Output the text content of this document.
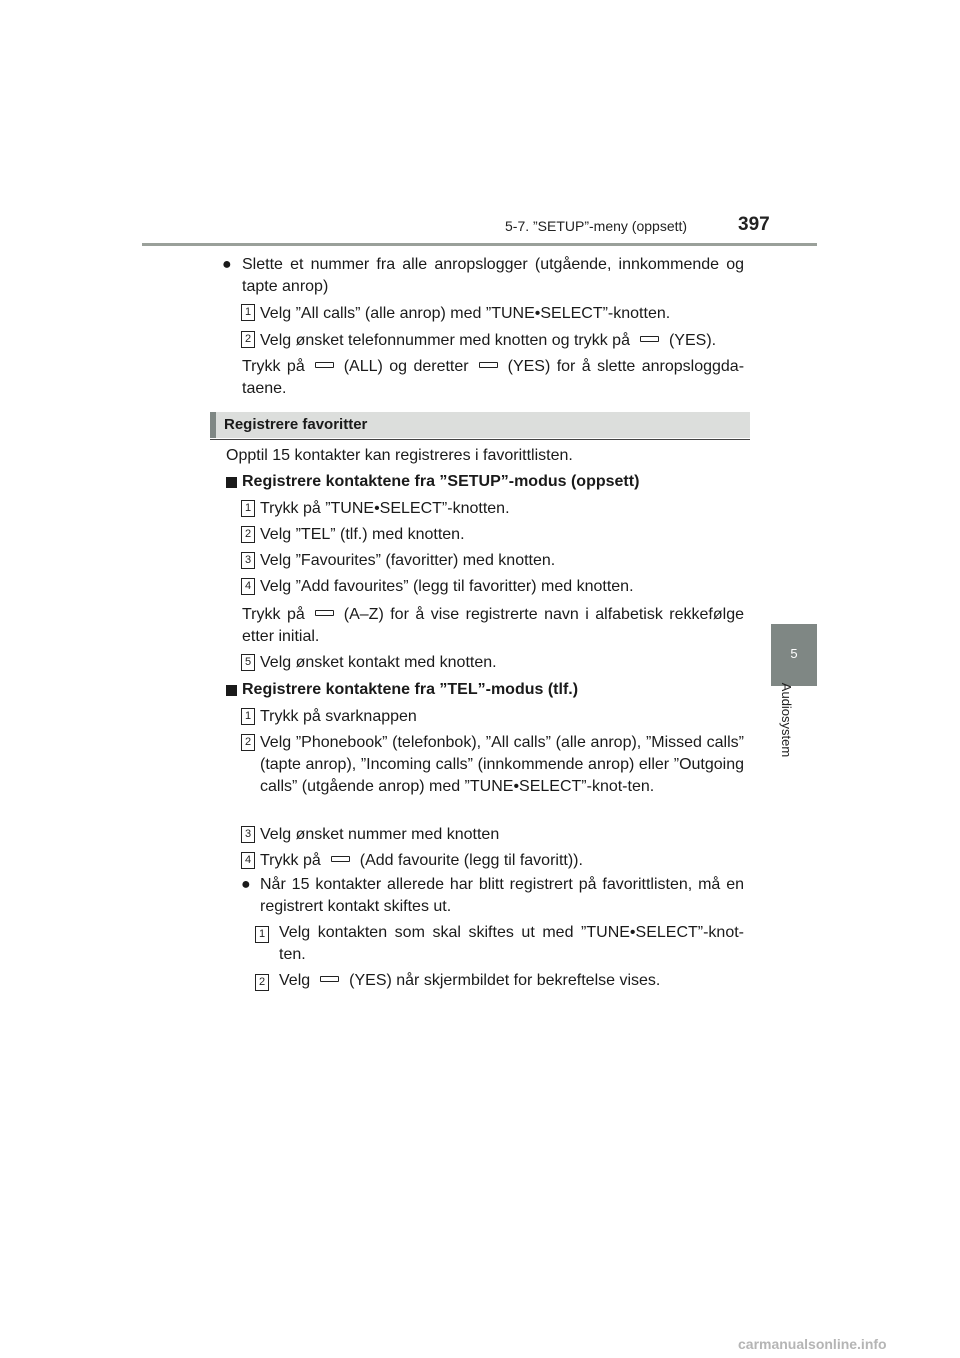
5-7. ”SETUP”-meny (oppsett)	397
5
Audiosystem
● Slette et nummer fra alle anropslogger (utgående, innkommende og tapte anrop)

1 Velg ”All calls” (alle anrop) med ”TUNE•SELECT”-knotten.

2 Velg ønsket telefonnummer med knotten og trykk på (YES).

Trykk på (ALL) og deretter (YES) for å slette anropsloggda-taene.

Registrere favoritter

Opptil 15 kontakter kan registreres i favorittlisten.

Registrere kontaktene fra ”SETUP”-modus (oppsett)

1 Trykk på ”TUNE•SELECT”-knotten.

2 Velg ”TEL” (tlf.) med knotten.

3 Velg ”Favourites” (favoritter) med knotten.

4 Velg ”Add favourites” (legg til favoritter) med knotten.

Trykk på (A–Z) for å vise registrerte navn i alfabetisk rekkefølge etter initial.

5 Velg ønsket kontakt med knotten.

Registrere kontaktene fra ”TEL”-modus (tlf.)

1 Trykk på svarknappen

2 Velg ”Phonebook” (telefonbok), ”All calls” (alle anrop), ”Missed calls” (tapte anrop), ”Incoming calls” (innkommende anrop) eller ”Outgoing calls” (utgående anrop) med ”TUNE•SELECT”-knot-ten.

3 Velg ønsket nummer med knotten

4 Trykk på (Add favourite (legg til favoritt)).

● Når 15 kontakter allerede har blitt registrert på favorittlisten, må en registrert kontakt skiftes ut.

1 Velg kontakten som skal skiftes ut med ”TUNE•SELECT”-knot-ten.

2 Velg (YES) når skjermbildet for bekreftelse vises.

carmanualsonline.info
